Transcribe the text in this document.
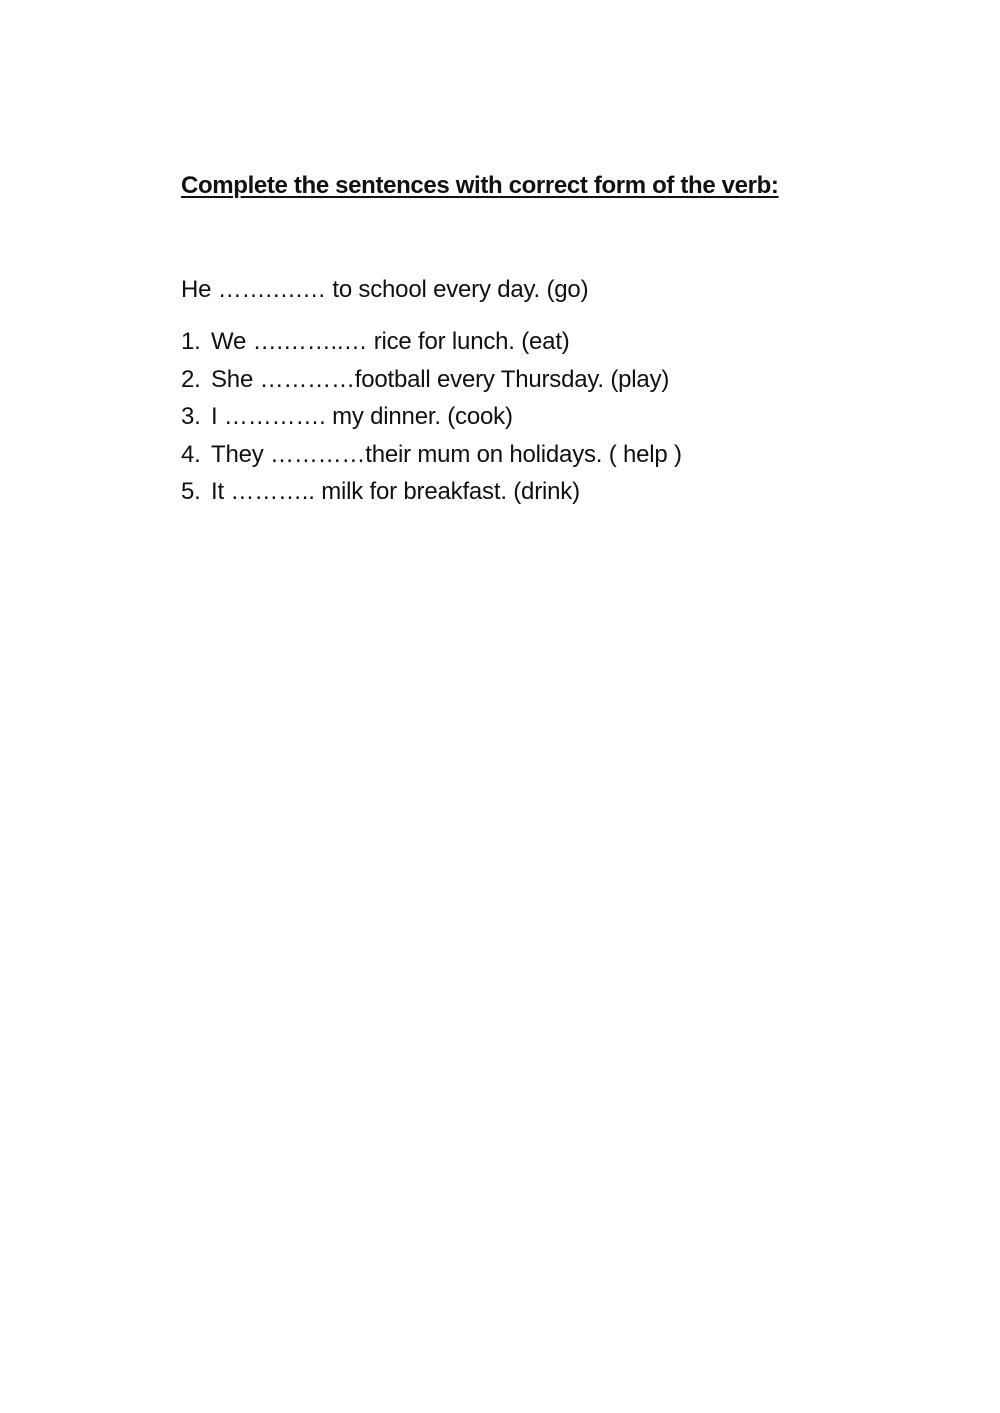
Complete the sentences with correct form of the verb:

He …….….… to school every day. (go)

1. We ….……..… rice for lunch. (eat)
2. She …………football every Thursday. (play)
3. I …………. my dinner. (cook)
4. They …………their mum on holidays. ( help )
5. It ……….. milk for breakfast. (drink)
